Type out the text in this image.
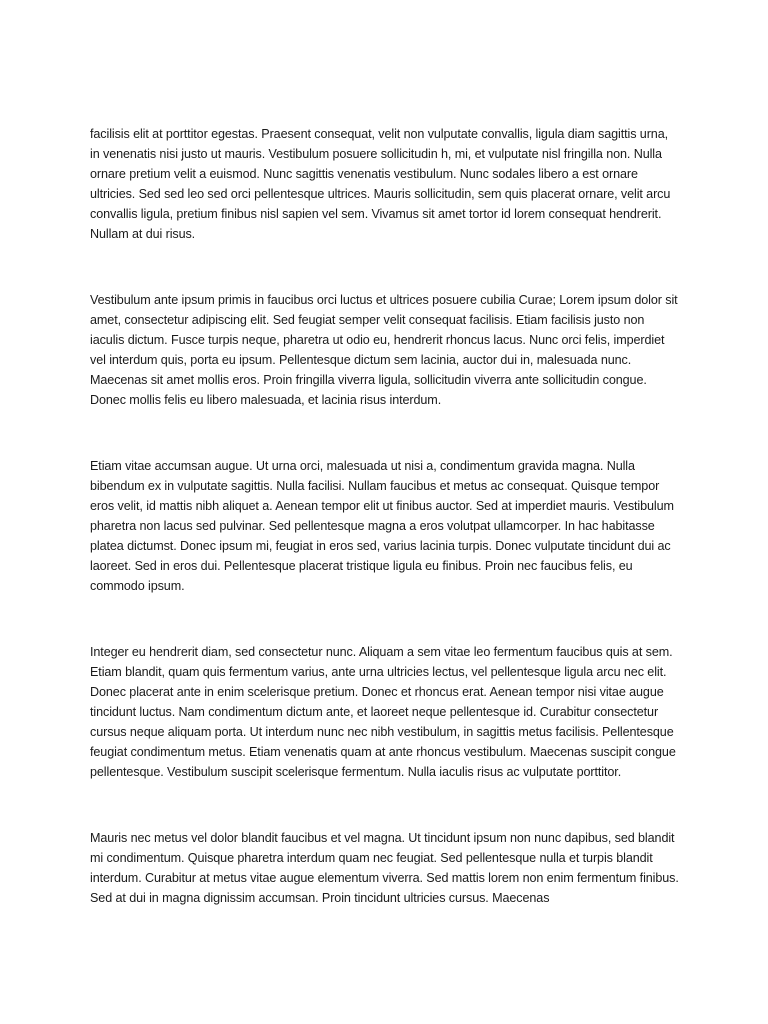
facilisis elit at porttitor egestas. Praesent consequat, velit non vulputate convallis, ligula diam sagittis urna, in venenatis nisi justo ut mauris. Vestibulum posuere sollicitudin h, mi, et vulputate nisl fringilla non. Nulla ornare pretium velit a euismod. Nunc sagittis venenatis vestibulum. Nunc sodales libero a est ornare ultricies. Sed sed leo sed orci pellentesque ultrices. Mauris sollicitudin, sem quis placerat ornare, velit arcu convallis ligula, pretium finibus nisl sapien vel sem. Vivamus sit amet tortor id lorem consequat hendrerit. Nullam at dui risus.

Vestibulum ante ipsum primis in faucibus orci luctus et ultrices posuere cubilia Curae; Lorem ipsum dolor sit amet, consectetur adipiscing elit. Sed feugiat semper velit consequat facilisis. Etiam facilisis justo non iaculis dictum. Fusce turpis neque, pharetra ut odio eu, hendrerit rhoncus lacus. Nunc orci felis, imperdiet vel interdum quis, porta eu ipsum. Pellentesque dictum sem lacinia, auctor dui in, malesuada nunc. Maecenas sit amet mollis eros. Proin fringilla viverra ligula, sollicitudin viverra ante sollicitudin congue. Donec mollis felis eu libero malesuada, et lacinia risus interdum.

Etiam vitae accumsan augue. Ut urna orci, malesuada ut nisi a, condimentum gravida magna. Nulla bibendum ex in vulputate sagittis. Nulla facilisi. Nullam faucibus et metus ac consequat. Quisque tempor eros velit, id mattis nibh aliquet a. Aenean tempor elit ut finibus auctor. Sed at imperdiet mauris. Vestibulum pharetra non lacus sed pulvinar. Sed pellentesque magna a eros volutpat ullamcorper. In hac habitasse platea dictumst. Donec ipsum mi, feugiat in eros sed, varius lacinia turpis. Donec vulputate tincidunt dui ac laoreet. Sed in eros dui. Pellentesque placerat tristique ligula eu finibus. Proin nec faucibus felis, eu commodo ipsum.

Integer eu hendrerit diam, sed consectetur nunc. Aliquam a sem vitae leo fermentum faucibus quis at sem. Etiam blandit, quam quis fermentum varius, ante urna ultricies lectus, vel pellentesque ligula arcu nec elit. Donec placerat ante in enim scelerisque pretium. Donec et rhoncus erat. Aenean tempor nisi vitae augue tincidunt luctus. Nam condimentum dictum ante, et laoreet neque pellentesque id. Curabitur consectetur cursus neque aliquam porta. Ut interdum nunc nec nibh vestibulum, in sagittis metus facilisis. Pellentesque feugiat condimentum metus. Etiam venenatis quam at ante rhoncus vestibulum. Maecenas suscipit congue pellentesque. Vestibulum suscipit scelerisque fermentum. Nulla iaculis risus ac vulputate porttitor.

Mauris nec metus vel dolor blandit faucibus et vel magna. Ut tincidunt ipsum non nunc dapibus, sed blandit mi condimentum. Quisque pharetra interdum quam nec feugiat. Sed pellentesque nulla et turpis blandit interdum. Curabitur at metus vitae augue elementum viverra. Sed mattis lorem non enim fermentum finibus. Sed at dui in magna dignissim accumsan. Proin tincidunt ultricies cursus. Maecenas
